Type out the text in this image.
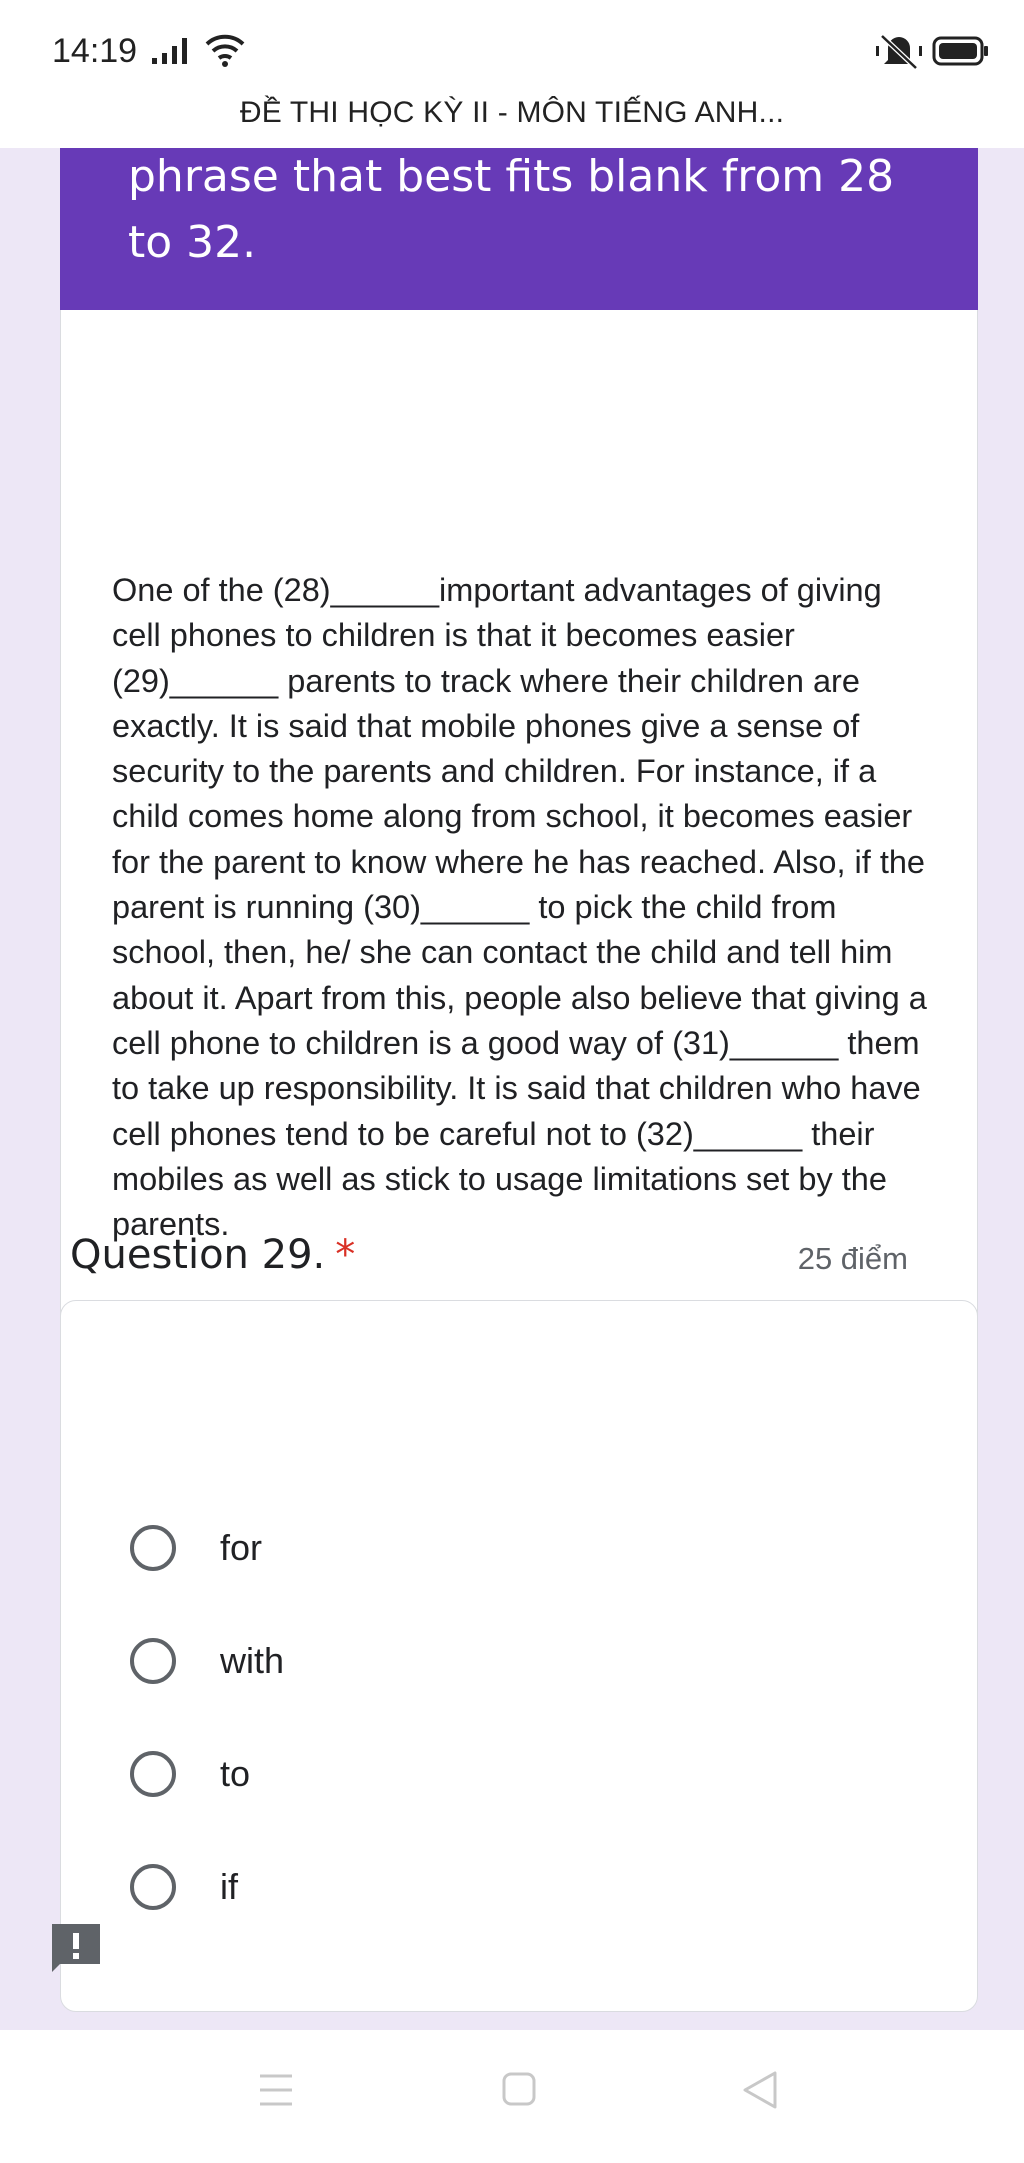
14:19
ĐỀ THI HỌC KỲ II - MÔN TIẾNG ANH...
phrase that best fits blank from 28 to 32.
One of the (28)______important advantages of giving cell phones to children is that it becomes easier (29)______ parents to track where their children are exactly. It is said that mobile phones give a sense of security to the parents and children. For instance, if a child comes home along from school, it becomes easier for the parent to know where he has reached. Also, if the parent is running (30)______ to pick the child from school, then, he/ she can contact the child and tell him about it. Apart from this, people also believe that giving a cell phone to children is a good way of (31)______ them to take up responsibility. It is said that children who have cell phones tend to be careful not to (32)______ their mobiles as well as stick to usage limitations set by the parents.
Question 29. *	25 điểm
for
with
to
if
